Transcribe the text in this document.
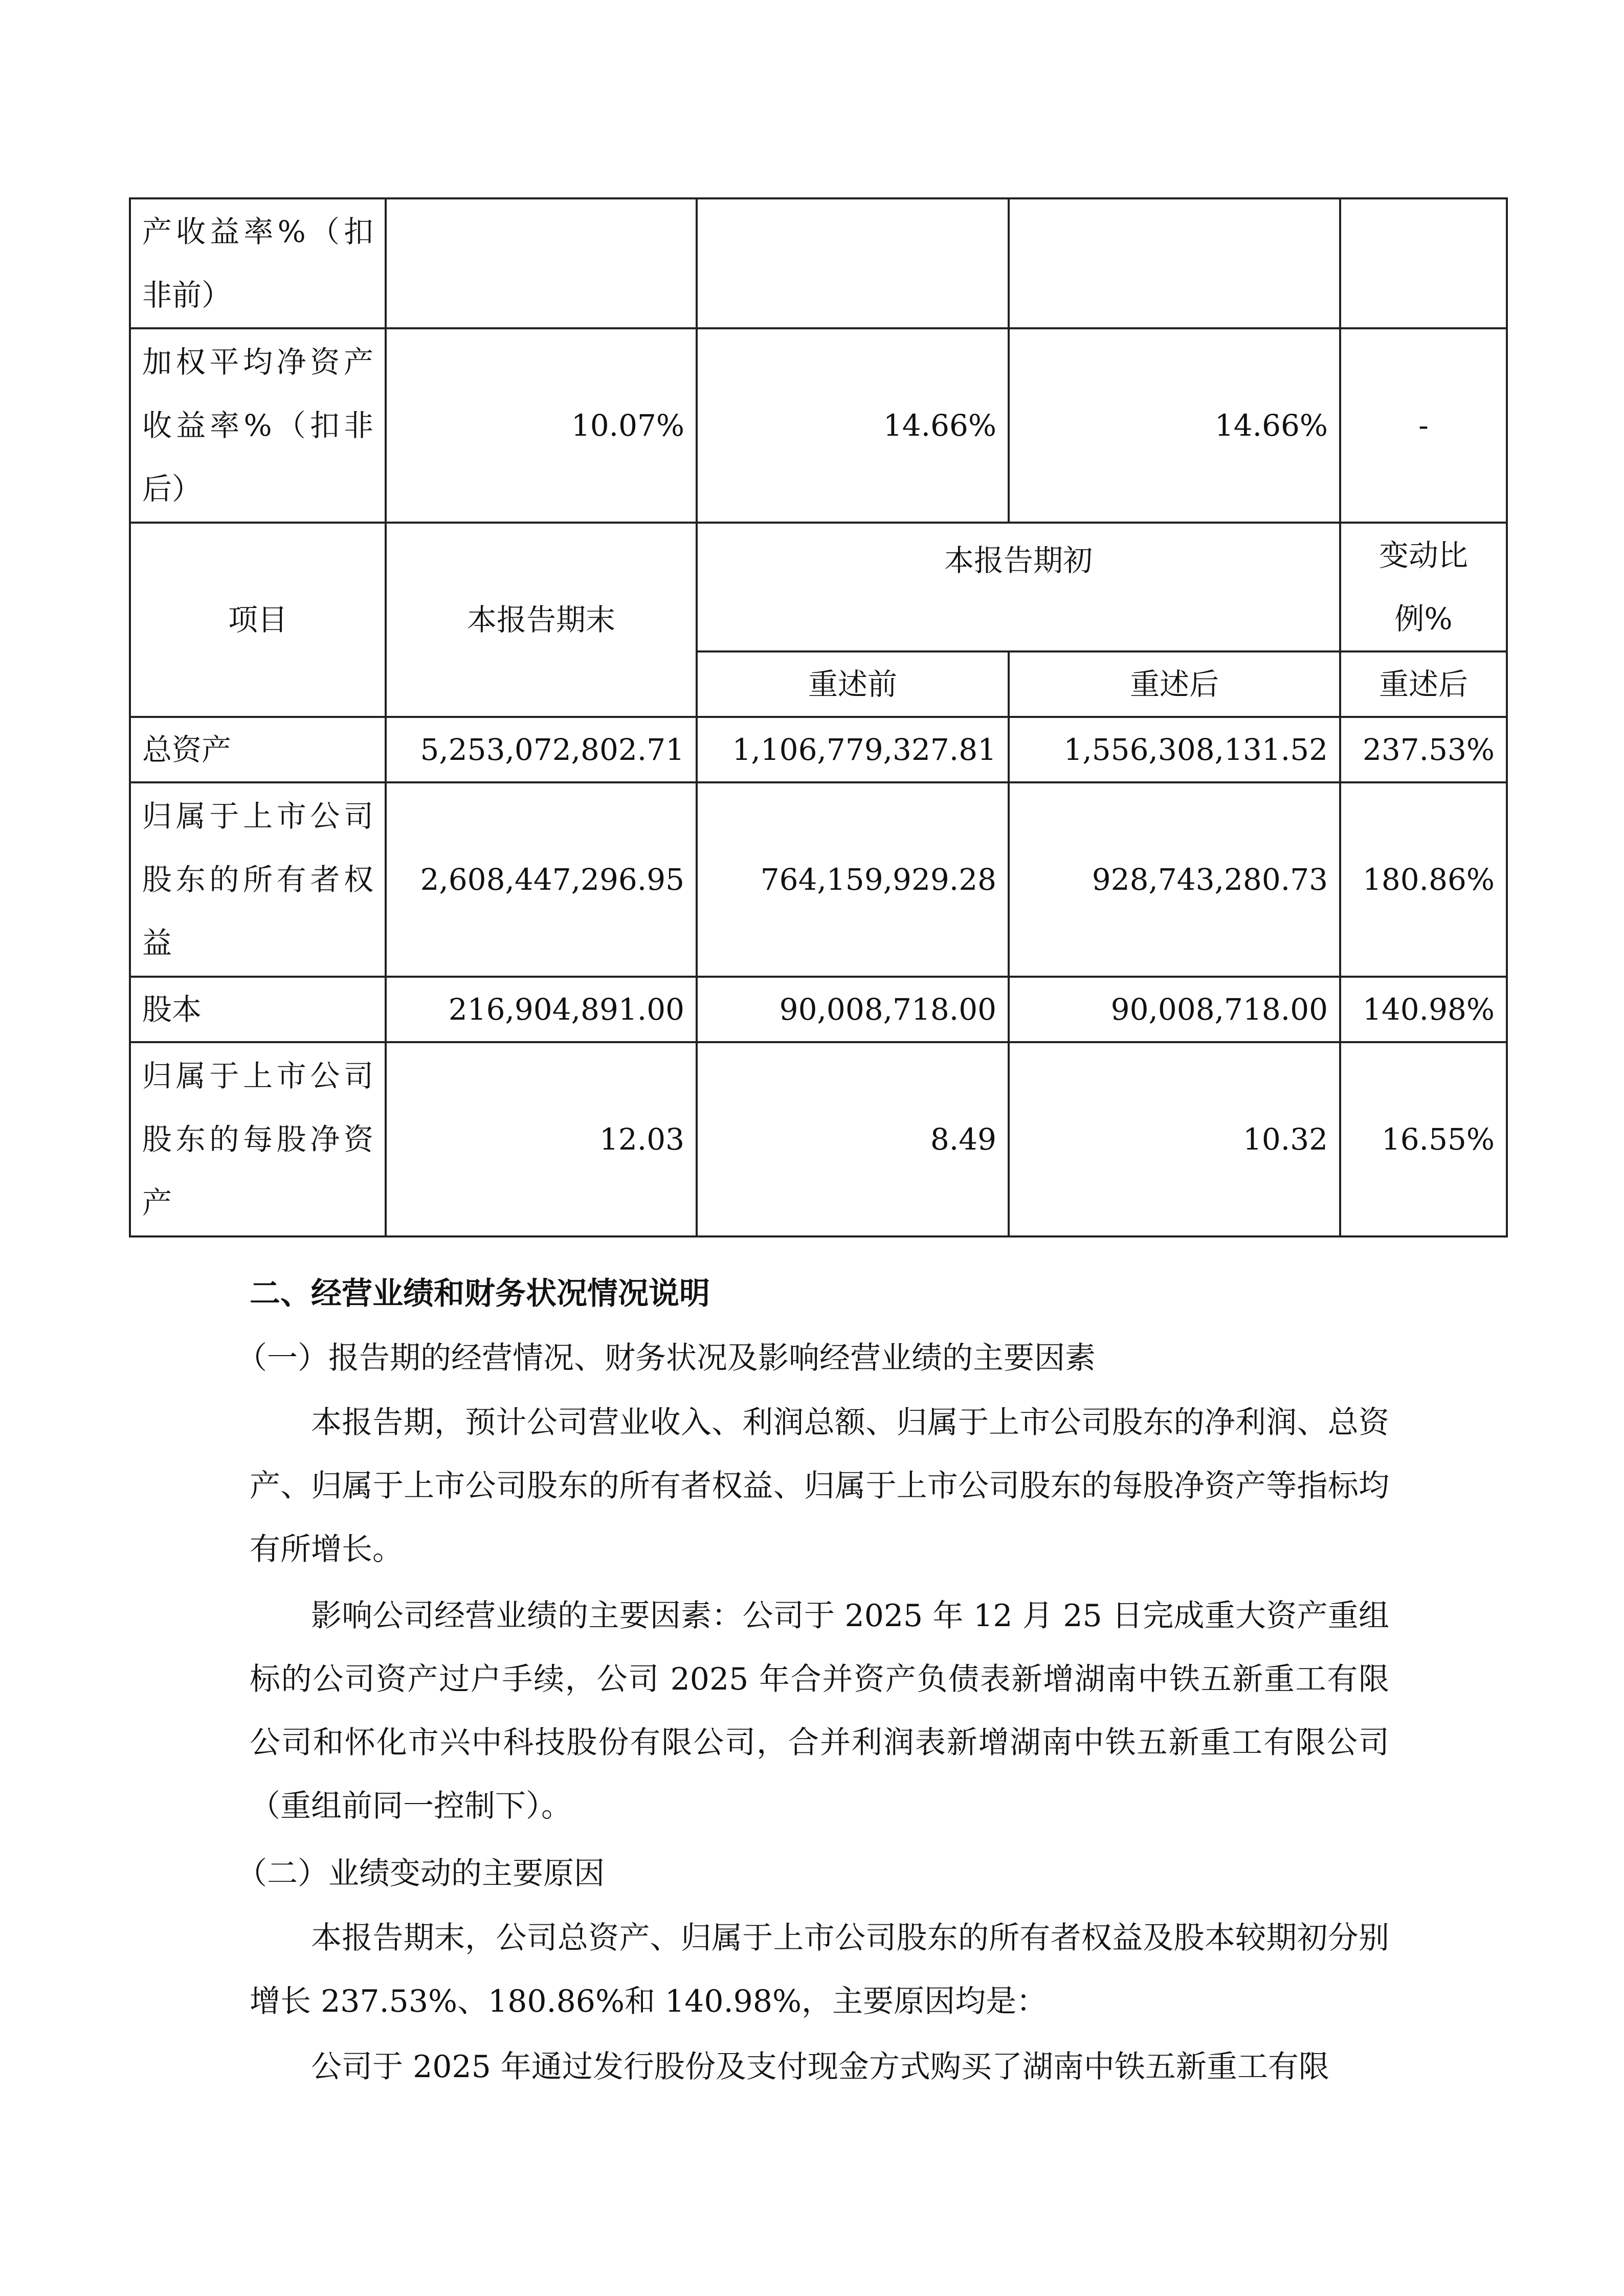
产收益率%（扣非前）				
加权平均净资产收益率%（扣非后）	10.07%	14.66%	14.66%	-
项目	本报告期末	本报告期初		变动比例%
		重述前	重述后	重述后
总资产	5,253,072,802.71	1,106,779,327.81	1,556,308,131.52	237.53%
归属于上市公司股东的所有者权益	2,608,447,296.95	764,159,929.28	928,743,280.73	180.86%
股本	216,904,891.00	90,008,718.00	90,008,718.00	140.98%
归属于上市公司股东的每股净资产	12.03	8.49	10.32	16.55%
二、经营业绩和财务状况情况说明
（一）报告期的经营情况、财务状况及影响经营业绩的主要因素
本报告期，预计公司营业收入、利润总额、归属于上市公司股东的净利润、总资产、归属于上市公司股东的所有者权益、归属于上市公司股东的每股净资产等指标均有所增长。
影响公司经营业绩的主要因素：公司于 2025 年 12 月 25 日完成重大资产重组标的公司资产过户手续，公司 2025 年合并资产负债表新增湖南中铁五新重工有限公司和怀化市兴中科技股份有限公司，合并利润表新增湖南中铁五新重工有限公司（重组前同一控制下）。
（二）业绩变动的主要原因
本报告期末，公司总资产、归属于上市公司股东的所有者权益及股本较期初分别增长 237.53%、180.86%和 140.98%，主要原因均是：
公司于 2025 年通过发行股份及支付现金方式购买了湖南中铁五新重工有限
